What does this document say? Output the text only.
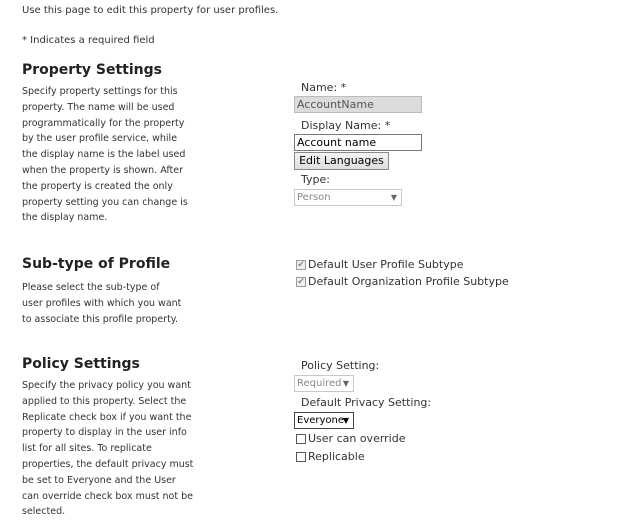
Use this page to edit this property for user profiles.
* Indicates a required field
Property Settings
Specify property settings for this property. The name will be used programmatically for the property by the user profile service, while the display name is the label used when the property is shown. After the property is created the only property setting you can change is the display name.
Name: *
AccountName
Display Name: *
Account name
Edit Languages
Type:
Person	▼
Sub-type of Profile
Please select the sub-type of user profiles with which you want to associate this profile property.
✔ Default User Profile Subtype
✔ Default Organization Profile Subtype
Policy Settings
Specify the privacy policy you want applied to this property. Select the Replicate check box if you want the property to display in the user info list for all sites. To replicate properties, the default privacy must be set to Everyone and the User can override check box must not be selected.
Policy Setting:
Required ▼
Default Privacy Setting:
Everyone
▼
User can override
Replicable
